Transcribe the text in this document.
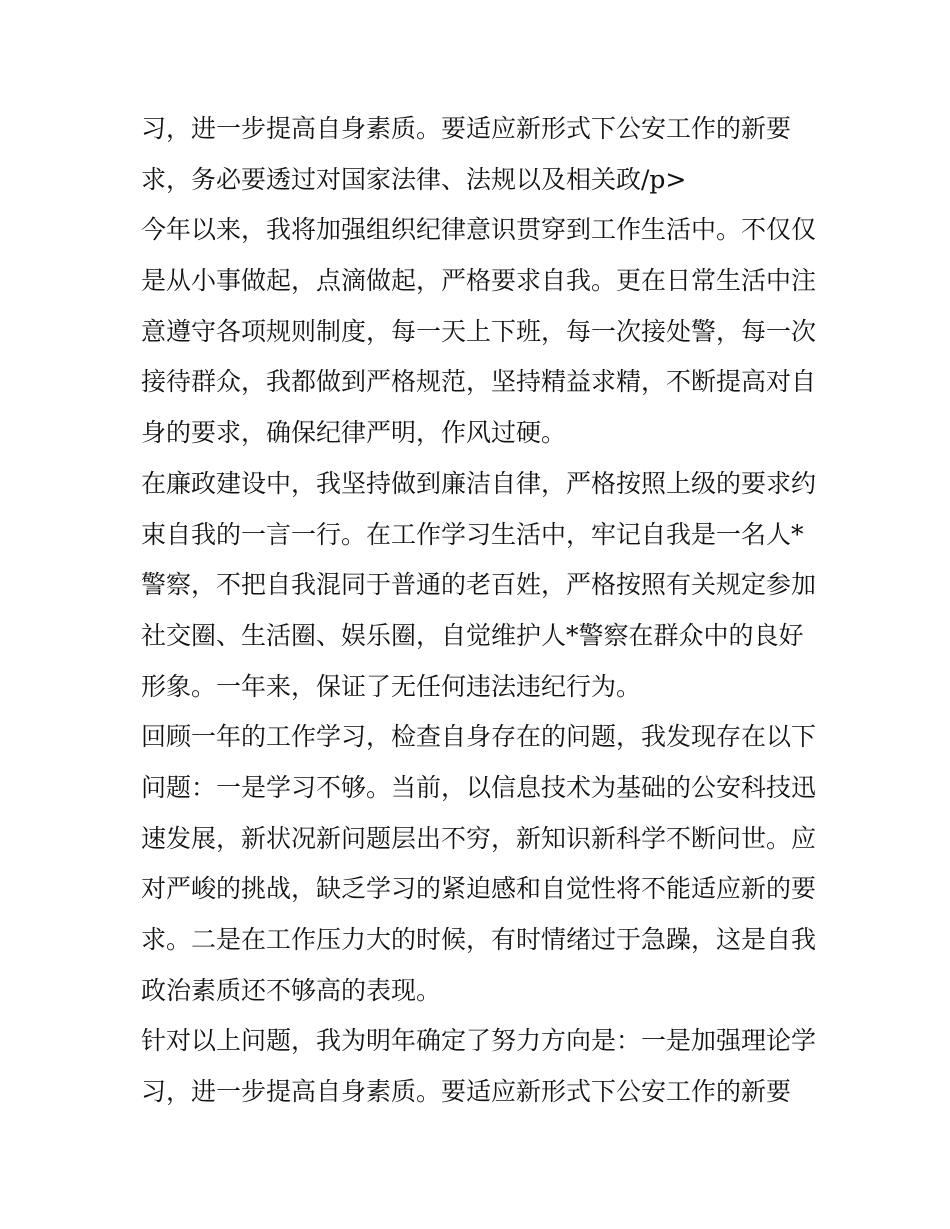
习，进一步提高自身素质。要适应新形式下公安工作的新要
求，务必要透过对国家法律、法规以及相关政/p>

今年以来，我将加强组织纪律意识贯穿到工作生活中。不仅仅
是从小事做起，点滴做起，严格要求自我。更在日常生活中注
意遵守各项规则制度，每一天上下班，每一次接处警，每一次
接待群众，我都做到严格规范，坚持精益求精，不断提高对自
身的要求，确保纪律严明，作风过硬。

在廉政建设中，我坚持做到廉洁自律，严格按照上级的要求约
束自我的一言一行。在工作学习生活中，牢记自我是一名人*
警察，不把自我混同于普通的老百姓，严格按照有关规定参加
社交圈、生活圈、娱乐圈，自觉维护人*警察在群众中的良好
形象。一年来，保证了无任何违法违纪行为。

回顾一年的工作学习，检查自身存在的问题，我发现存在以下
问题：一是学习不够。当前，以信息技术为基础的公安科技迅
速发展，新状况新问题层出不穷，新知识新科学不断问世。应
对严峻的挑战，缺乏学习的紧迫感和自觉性将不能适应新的要
求。二是在工作压力大的时候，有时情绪过于急躁，这是自我
政治素质还不够高的表现。

针对以上问题，我为明年确定了努力方向是：一是加强理论学
习，进一步提高自身素质。要适应新形式下公安工作的新要
